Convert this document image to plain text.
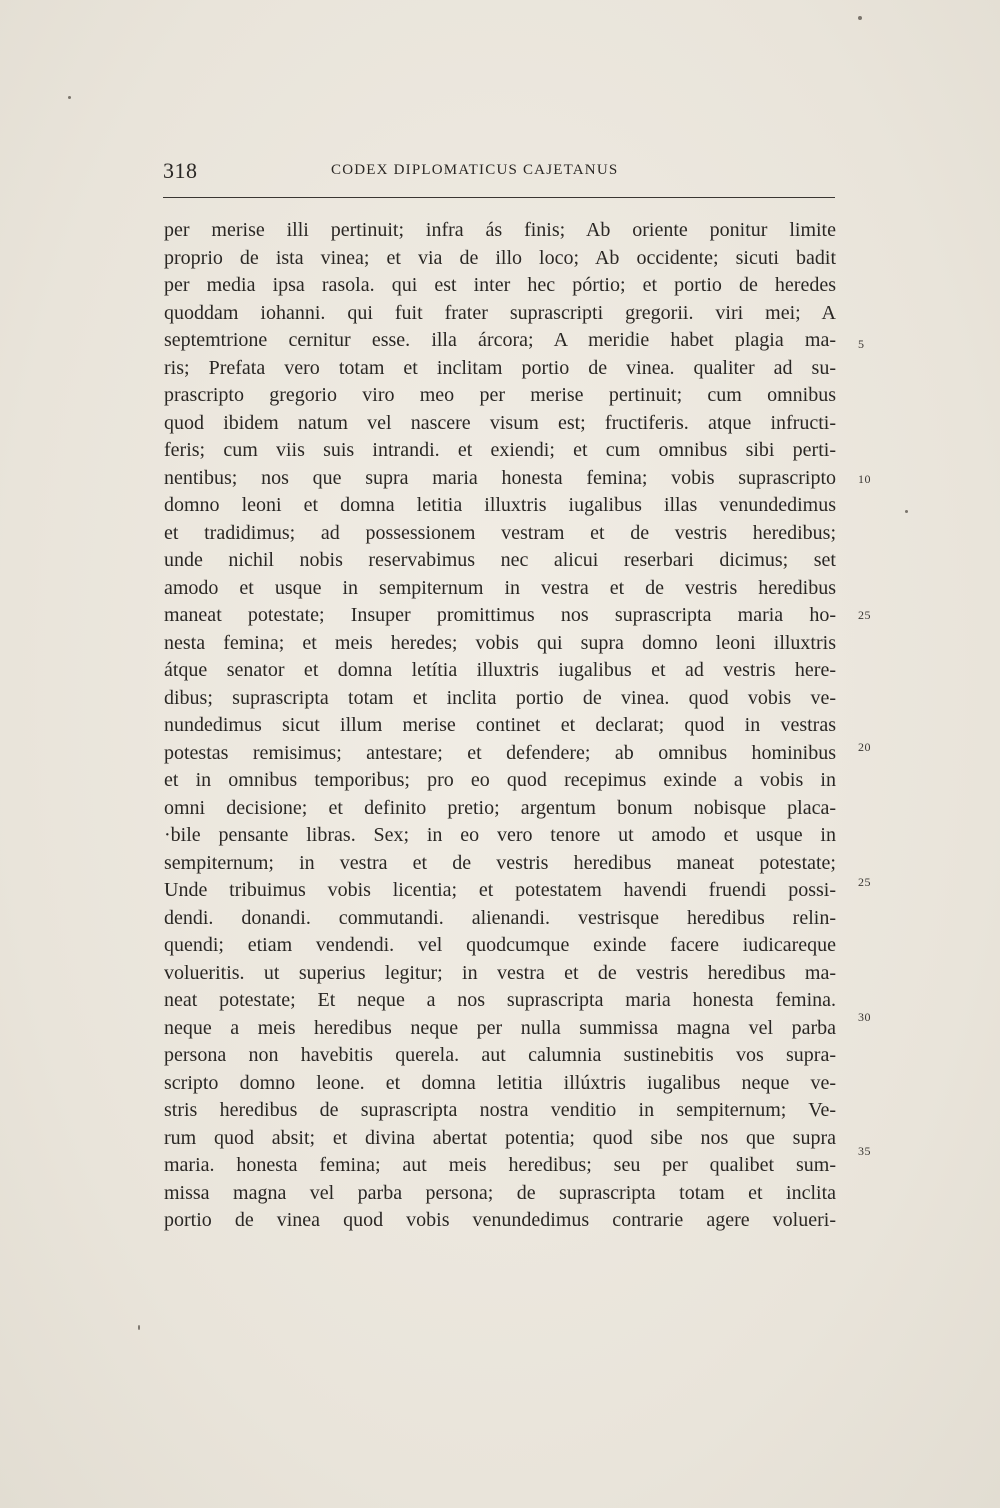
318	CODEX DIPLOMATICUS CAJETANUS
per merise illi pertinuit; infra ás finis; Ab oriente ponitur limite
proprio de ista vinea; et via de illo loco; Ab occidente; sicuti badit
per media ipsa rasola. qui est inter hec pórtio; et portio de heredes
quoddam iohanni. qui fuit frater suprascripti gregorii. viri mei; A
septemtrione cernitur esse. illa árcora; A meridie habet plagia ma-
ris; Prefata vero totam et inclitam portio de vinea. qualiter ad su-
prascripto gregorio viro meo per merise pertinuit; cum omnibus
quod ibidem natum vel nascere visum est; fructiferis. atque infructi-
feris; cum viis suis intrandi. et exiendi; et cum omnibus sibi perti-
nentibus; nos que supra maria honesta femina; vobis suprascripto
domno leoni et domna letitia illuxtris iugalibus illas venundedimus
et tradidimus; ad possessionem vestram et de vestris heredibus;
unde nichil nobis reservabimus nec alicui reserbari dicimus; set
amodo et usque in sempiternum in vestra et de vestris heredibus
maneat potestate; Insuper promittimus nos suprascripta maria ho-
nesta femina; et meis heredes; vobis qui supra domno leoni illuxtris
átque senator et domna letítia illuxtris iugalibus et ad vestris here-
dibus; suprascripta totam et inclita portio de vinea. quod vobis ve-
nundedimus sicut illum merise continet et declarat; quod in vestras
potestas remisimus; antestare; et defendere; ab omnibus hominibus
et in omnibus temporibus; pro eo quod recepimus exinde a vobis in
omni decisione; et definito pretio; argentum bonum nobisque placa-
·bile pensante libras. Sex; in eo vero tenore ut amodo et usque in
sempiternum; in vestra et de vestris heredibus maneat potestate;
Unde tribuimus vobis licentia; et potestatem havendi fruendi possi-
dendi. donandi. commutandi. alienandi. vestrisque heredibus relin-
quendi; etiam vendendi. vel quodcumque exinde facere iudicareque
volueritis. ut superius legitur; in vestra et de vestris heredibus ma-
neat potestate; Et neque a nos suprascripta maria honesta femina.
neque a meis heredibus neque per nulla summissa magna vel parba
persona non havebitis querela. aut calumnia sustinebitis vos supra-
scripto domno leone. et domna letitia illúxtris iugalibus neque ve-
stris heredibus de suprascripta nostra venditio in sempiternum; Ve-
rum quod absit; et divina abertat potentia; quod sibe nos que supra
maria. honesta femina; aut meis heredibus; seu per qualibet sum-
missa magna vel parba persona; de suprascripta totam et inclita
portio de vinea quod vobis venundedimus contrarie agere volueri-
5
10
25
20
25
30
35
